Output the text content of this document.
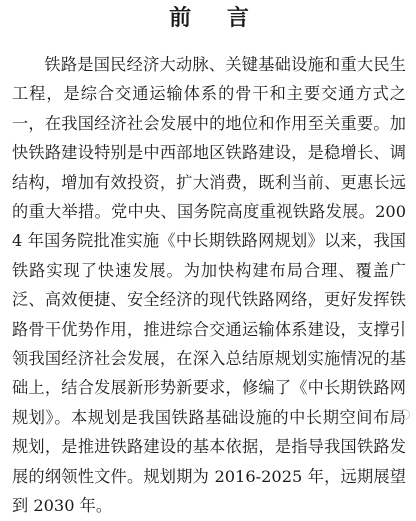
前 言

铁路是国民经济大动脉、关键基础设施和重大民生工程，是综合交通运输体系的骨干和主要交通方式之一，在我国经济社会发展中的地位和作用至关重要。加快铁路建设特别是中西部地区铁路建设，是稳增长、调结构，增加有效投资，扩大消费，既利当前、更惠长远的重大举措。党中央、国务院高度重视铁路发展。2004 年国务院批准实施《中长期铁路网规划》以来，我国铁路实现了快速发展。为加快构建布局合理、覆盖广泛、高效便捷、安全经济的现代铁路网络，更好发挥铁路骨干优势作用，推进综合交通运输体系建设，支撑引领我国经济社会发展，在深入总结原规划实施情况的基础上，结合发展新形势新要求，修编了《中长期铁路网规划》。本规划是我国铁路基础设施的中长期空间布局规划，是推进铁路建设的基本依据，是指导我国铁路发展的纲领性文件。规划期为 2016-2025 年，远期展望到 2030 年。
